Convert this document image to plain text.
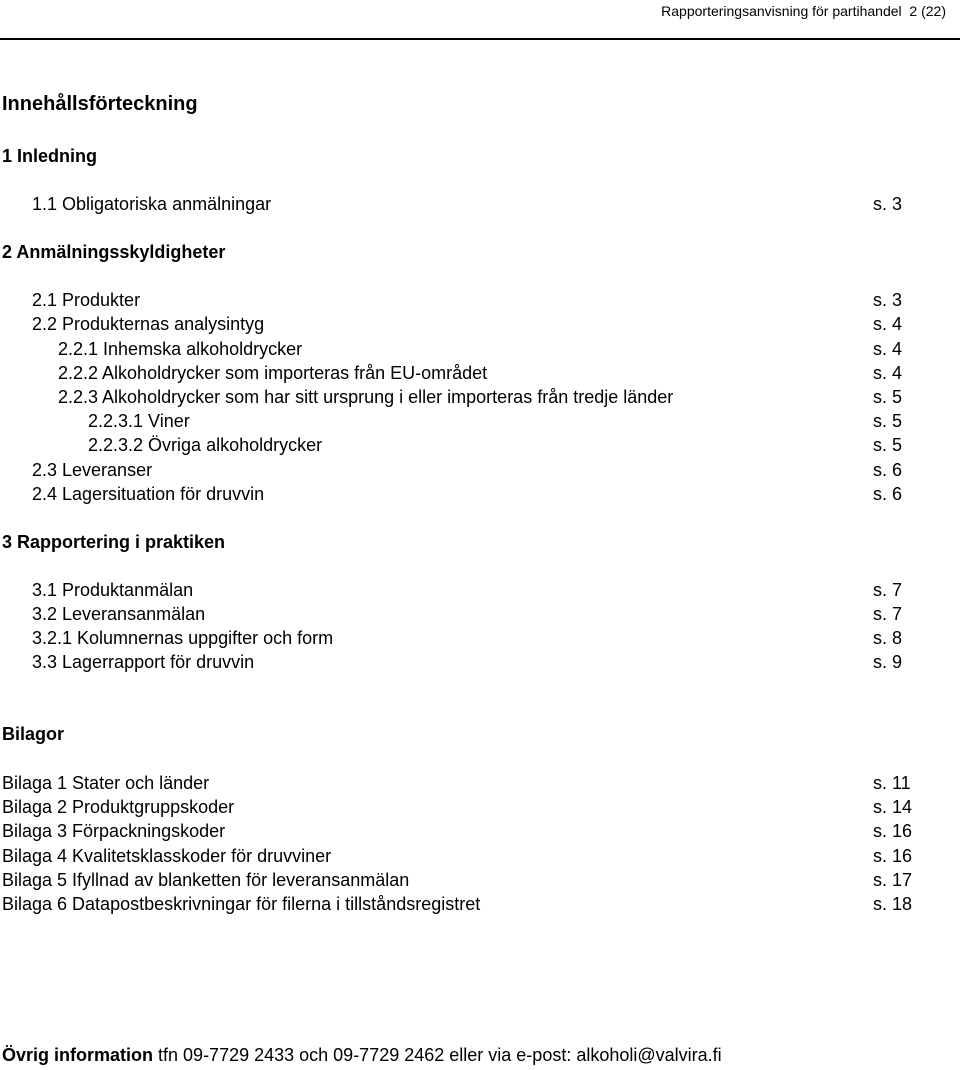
Rapporteringsanvisning för partihandel 2 (22)
Innehållsförteckning
1 Inledning
1.1 Obligatoriska anmälningar	s. 3
2 Anmälningsskyldigheter
2.1 Produkter	s. 3
2.2 Produkternas analysintyg	s. 4
2.2.1 Inhemska alkoholdrycker	s. 4
2.2.2 Alkoholdrycker som importeras från EU-området	s. 4
2.2.3 Alkoholdrycker som har sitt ursprung i eller importeras från tredje länder	s. 5
2.2.3.1 Viner	s. 5
2.2.3.2 Övriga alkoholdrycker	s. 5
2.3 Leveranser	s. 6
2.4 Lagersituation för druvvin	s. 6
3 Rapportering i praktiken
3.1 Produktanmälan	s. 7
3.2 Leveransanmälan	s. 7
3.2.1 Kolumnernas uppgifter och form	s. 8
3.3 Lagerrapport för druvvin	s. 9
Bilagor
Bilaga 1 Stater och länder	s. 11
Bilaga 2 Produktgruppskoder	s. 14
Bilaga 3 Förpackningskoder	s. 16
Bilaga 4 Kvalitetsklasskoder för druvviner	s. 16
Bilaga 5 Ifyllnad av blanketten för leveransanmälan	s. 17
Bilaga 6 Datapostbeskrivningar för filerna i tillståndsregistret	s. 18
Övrig information tfn 09-7729 2433 och 09-7729 2462 eller via e-post: alkoholi@valvira.fi
